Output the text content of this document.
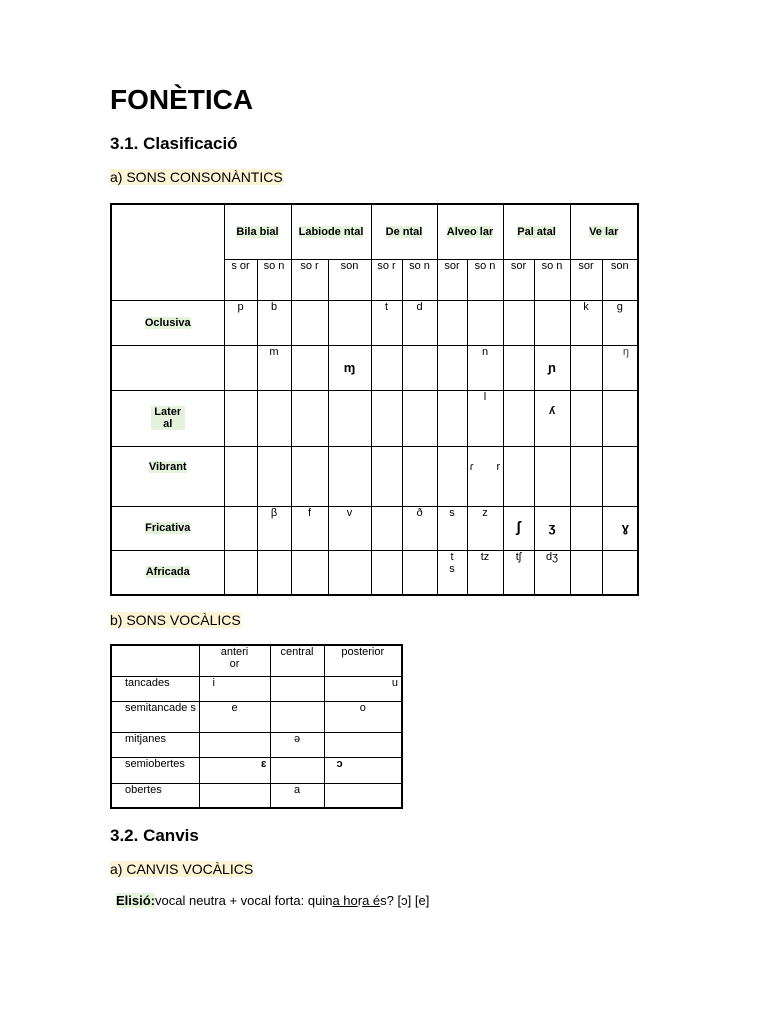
FONÈTICA
3.1. Clasificació
a) SONS CONSONÀNTICS
	Bila bial		Labiode ntal		De ntal		Alveo lar		Pal atal		Ve lar	
	s or	so n	so r	son	so r	so n	sor	so n	sor	so n	sor	son
Oclusiva	p	b			t	d					k	g
		m		ɱ				n		ɲ		ŋ
Later al								l		ʎ		
Vibrant								ɾ r				
Fricativa		β	f	v		ð	s	z	ʃ	ʒ		ɣ
Africada							t s	tz	tʃ	dʒ		
b) SONS VOCÀLICS
	anteri or	central	posterior
tancades	i		u
semitancade s	e		o
mitjanes		ə	
semiobertes	ɛ		ɔ
obertes		a	
3.2. Canvis
a) CANVIS VOCÀLICS
Elisió:vocal neutra + vocal forta: quina hora és? [ɔ] [e]
